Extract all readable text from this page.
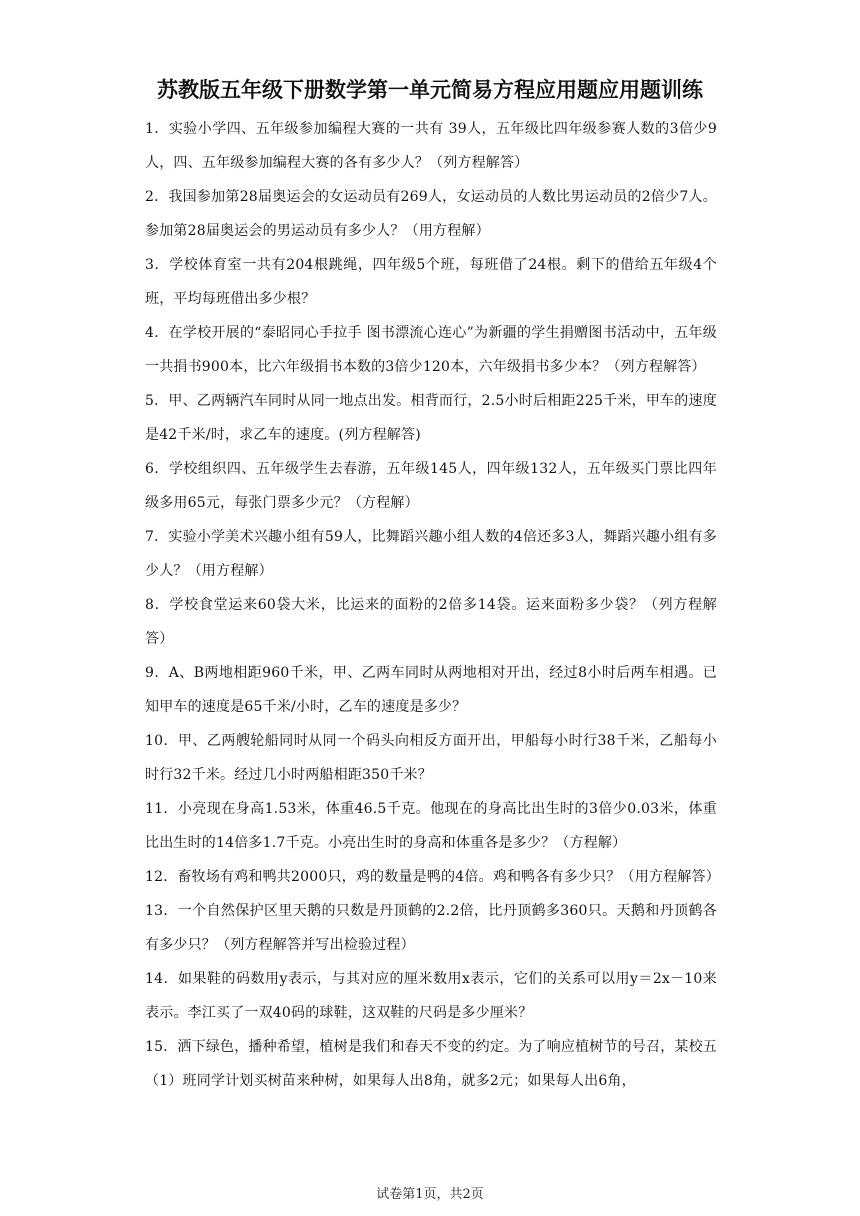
苏教版五年级下册数学第一单元简易方程应用题应用题训练

1．实验小学四、五年级参加编程大赛的一共有 39人，五年级比四年级参赛人数的3倍少9人，四、五年级参加编程大赛的各有多少人？（列方程解答）

2．我国参加第28届奥运会的女运动员有269人，女运动员的人数比男运动员的2倍少7人。参加第28届奥运会的男运动员有多少人？（用方程解）

3．学校体育室一共有204根跳绳，四年级5个班，每班借了24根。剩下的借给五年级4个班，平均每班借出多少根？

4．在学校开展的“泰昭同心手拉手 图书漂流心连心”为新疆的学生捐赠图书活动中，五年级一共捐书900本，比六年级捐书本数的3倍少120本，六年级捐书多少本？（列方程解答）

5．甲、乙两辆汽车同时从同一地点出发。相背而行，2.5小时后相距225千米，甲车的速度是42千米/时，求乙车的速度。(列方程解答)

6．学校组织四、五年级学生去春游，五年级145人，四年级132人，五年级买门票比四年级多用65元，每张门票多少元？（方程解）

7．实验小学美术兴趣小组有59人，比舞蹈兴趣小组人数的4倍还多3人，舞蹈兴趣小组有多少人？（用方程解）

8．学校食堂运来60袋大米，比运来的面粉的2倍多14袋。运来面粉多少袋？（列方程解答）

9．A、B两地相距960千米，甲、乙两车同时从两地相对开出，经过8小时后两车相遇。已知甲车的速度是65千米/小时，乙车的速度是多少？

10．甲、乙两艘轮船同时从同一个码头向相反方面开出，甲船每小时行38千米，乙船每小时行32千米。经过几小时两船相距350千米？

11．小亮现在身高1.53米，体重46.5千克。他现在的身高比出生时的3倍少0.03米，体重比出生时的14倍多1.7千克。小亮出生时的身高和体重各是多少？（方程解）

12．畜牧场有鸡和鸭共2000只，鸡的数量是鸭的4倍。鸡和鸭各有多少只？（用方程解答）

13．一个自然保护区里天鹅的只数是丹顶鹤的2.2倍，比丹顶鹤多360只。天鹅和丹顶鹤各有多少只？（列方程解答并写出检验过程）

14．如果鞋的码数用y表示，与其对应的厘米数用x表示，它们的关系可以用y＝2x－10来表示。李江买了一双40码的球鞋，这双鞋的尺码是多少厘米？

15．洒下绿色，播种希望，植树是我们和春天不变的约定。为了响应植树节的号召，某校五（1）班同学计划买树苗来种树，如果每人出8角，就多2元；如果每人出6角，

试卷第1页，共2页
